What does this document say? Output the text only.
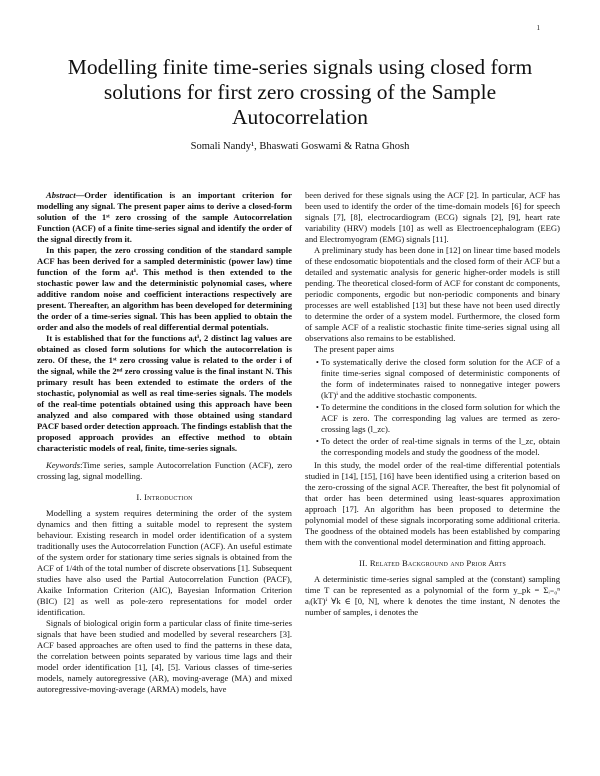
1
Modelling finite time-series signals using closed form solutions for first zero crossing of the Sample Autocorrelation
Somali Nandy¹, Bhaswati Goswami & Ratna Ghosh

Abstract—Order identification is an important criterion for modelling any signal. The present paper aims to derive a closed-form solution of the 1ˢᵗ zero crossing of the sample Autocorrelation Function (ACF) of a finite time-series signal and identify the order of the signal directly from it.

In this paper, the zero crossing condition of the standard sample ACF has been derived for a sampled deterministic (power law) time function of the form aᵢtⁱ. This method is then extended to the stochastic power law and the deterministic polynomial cases, where additive random noise and coefficient interactions respectively are present. Thereafter, an algorithm has been developed for determining the order of a time-series signal. This has been applied to obtain the order and also the models of real differential dermal potentials.

It is established that for the functions aᵢtⁱ, 2 distinct lag values are obtained as closed form solutions for which the autocorrelation is zero. Of these, the 1ˢᵗ zero crossing value is related to the order i of the signal, while the 2ⁿᵈ zero crossing value is the final instant N. This primary result has been extended to estimate the orders of the stochastic, polynomial as well as real time-series signals. The models of the real-time potentials obtained using this approach have been analyzed and also compared with those obtained using standard PACF based order detection approach. The findings establish that the proposed approach provides an effective method to obtain characteristic models of real, finite, time-series signals.

Keywords:Time series, sample Autocorrelation Function (ACF), zero crossing lag, signal modelling.

I. Introduction

Modelling a system requires determining the order of the system dynamics and then fitting a suitable model to represent the system behaviour. Existing research in model order identification of a system traditionally uses the Autocorrelation Function (ACF). An useful estimate of the system order for stationary time series signals is obtained from the ACF of 1/4th of the total number of discrete observations [1]. Subsequent studies have also used the Partial Autocorrelation Function (PACF), Akaike Information Criterion (AIC), Bayesian Information Criterion (BIC) [2] as well as pole-zero representations for model order identification.

Signals of biological origin form a particular class of finite time-series signals that have been studied and modelled by several researchers [3]. ACF based approaches are often used to find the patterns in these data, the correlation between points separated by various time lags and their model order identification [1], [4], [5]. Various classes of time-series models, namely autoregressive (AR), moving-average (MA) and mixed autoregressive-moving-average (ARMA) models, have

been derived for these signals using the ACF [2]. In particular, ACF has been used to identify the order of the time-domain models [6] for speech signals [7], [8], electrocardiogram (ECG) signals [2], [9], heart rate variability (HRV) models [10] as well as Electroencephalogram (EEG) and Electromyogram (EMG) signals [11].

A preliminary study has been done in [12] on linear time based models of these endosomatic biopotentials and the closed form of their ACF but a detailed and systematic analysis for generic higher-order models is still pending. The theoretical closed-form of ACF for constant dc components, periodic components, ergodic but non-periodic components and binary processes are well established [13] but these have not been used directly to determine the order of a system model. Furthermore, the closed form of sample ACF of a realistic stochastic finite time-series signal using all observations also remains to be established.

The present paper aims

• To systematically derive the closed form solution for the ACF of a finite time-series signal composed of deterministic components of the form of indeterminates raised to nonnegative integer powers (kT)ⁱ and the additive stochastic components.
• To determine the conditions in the closed form solution for which the ACF is zero. The corresponding lag values are termed as zero-crossing lags (l_zc).
• To detect the order of real-time signals in terms of the l_zc, obtain the corresponding models and study the goodness of the model.

In this study, the model order of the real-time differential potentials studied in [14], [15], [16] have been identified using a criterion based on the zero-crossing of the signal ACF. Thereafter, the best fit polynomial of that order has been determined using least-squares approximation approach [17]. An algorithm has been proposed to determine the polynomial model of these signals incorporating some additional criteria. The goodness of the obtained models has been established by comparing them with the conventional model determination and fitting approach.

II. Related Background and Prior Arts

A deterministic time-series signal sampled at the (constant) sampling time T can be represented as a polynomial of the form y_pk = Σᵢ₌₀ⁿ aᵢ(kT)ⁱ ∀k ∈ [0, N], where k denotes the time instant, N denotes the number of samples, i denotes the
